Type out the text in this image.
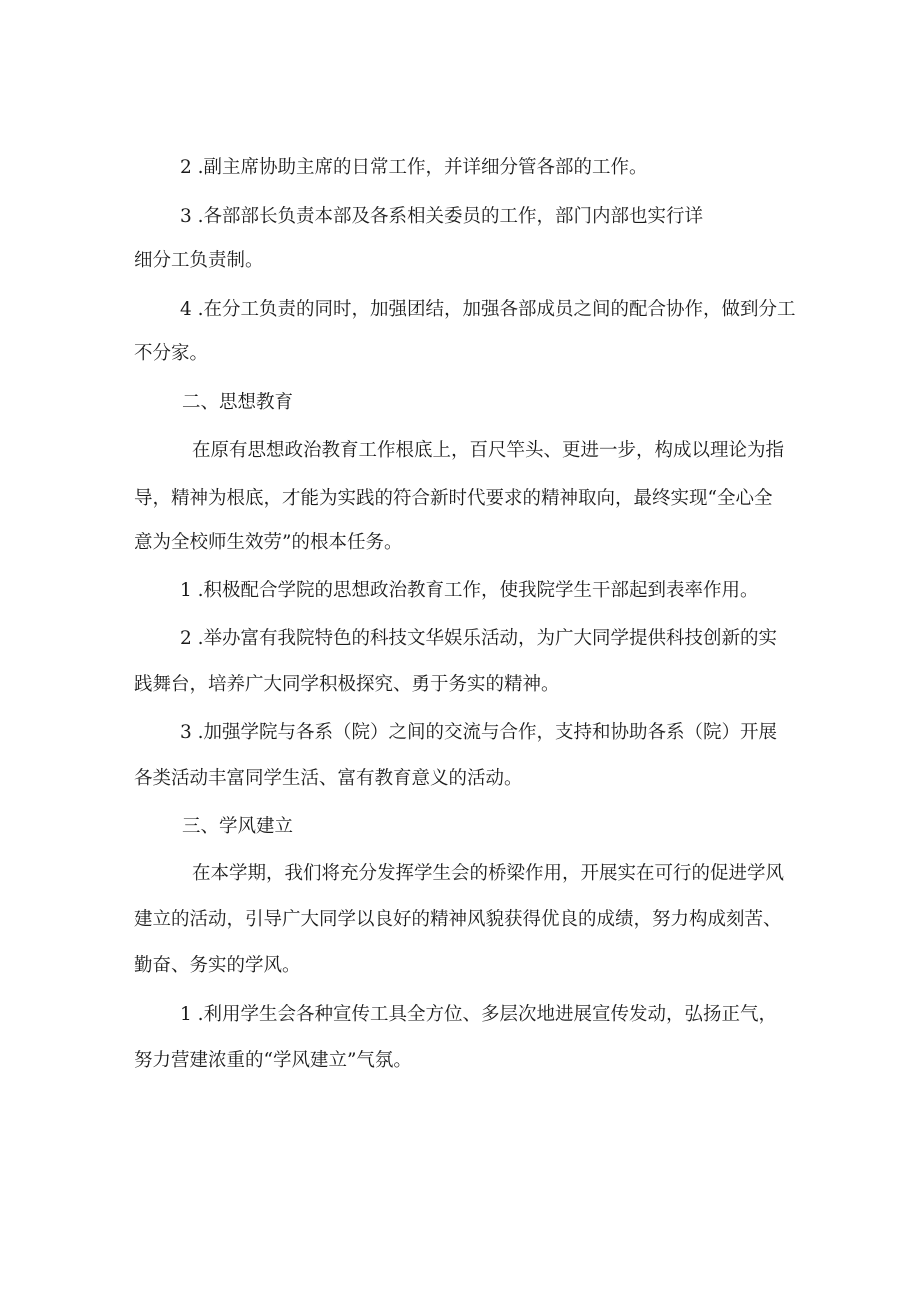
2 .副主席协助主席的日常工作，并详细分管各部的工作。
3 .各部部长负责本部及各系相关委员的工作，部门内部也实行详
细分工负责制。
4 .在分工负责的同时，加强团结，加强各部成员之间的配合协作，做到分工
不分家。
二、思想教育
在原有思想政治教育工作根底上，百尺竿头、更进一步，构成以理论为指
导，精神为根底，才能为实践的符合新时代要求的精神取向，最终实现“全心全
意为全校师生效劳”的根本任务。
1 .积极配合学院的思想政治教育工作，使我院学生干部起到表率作用。
2 .举办富有我院特色的科技文华娱乐活动，为广大同学提供科技创新的实
践舞台，培养广大同学积极探究、勇于务实的精神。
3 .加强学院与各系（院）之间的交流与合作，支持和协助各系（院）开展
各类活动丰富同学生活、富有教育意义的活动。
三、学风建立
在本学期，我们将充分发挥学生会的桥梁作用，开展实在可行的促进学风
建立的活动，引导广大同学以良好的精神风貌获得优良的成绩，努力构成刻苦、
勤奋、务实的学风。
1 .利用学生会各种宣传工具全方位、多层次地进展宣传发动，弘扬正气，
努力营建浓重的“学风建立”气氛。
